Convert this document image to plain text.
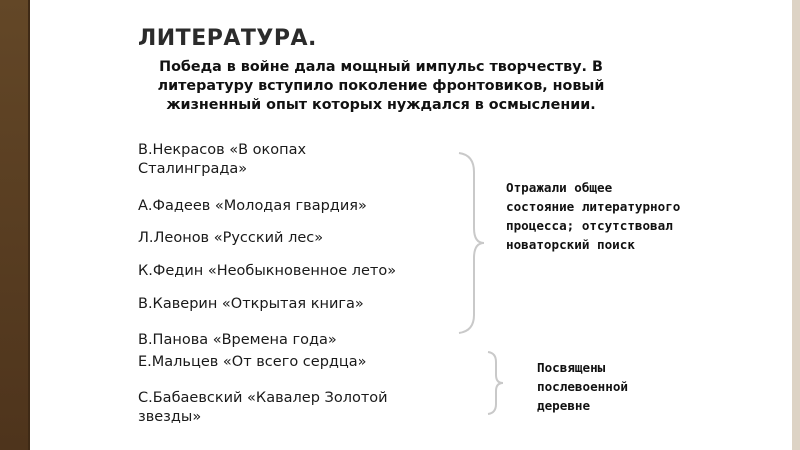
ЛИТЕРАТУРА.
В.Некрасов «В окопах Сталинграда»
А.Фадеев «Молодая гвардия»
Л.Леонов «Русский лес»
К.Федин «Необыкновенное лето»
В.Каверин «Открытая книга»
В.Панова «Времена года»
Е.Мальцев «От всего сердца»
С.Бабаевский «Кавалер Золотой звезды»
Победа в войне дала мощный импульс творчеству. В литературу вступило поколение фронтовиков, новый жизненный опыт которых нуждался в осмыслении.
Отражали общее состояние литературного процесса; отсутствовал новаторский поиск
Посвящены послевоенной деревне
